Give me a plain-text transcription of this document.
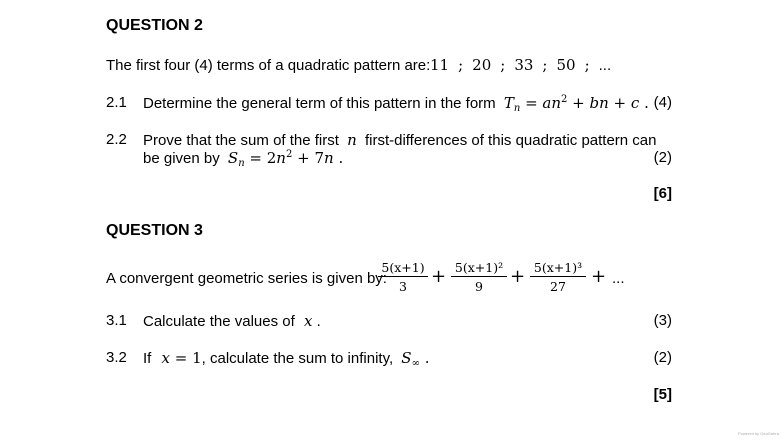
QUESTION 2
The first four (4) terms of a quadratic pattern are: 11 ; 20 ; 33 ; 50 ; ...
2.1 Determine the general term of this pattern in the form $T_n = an^2$ + bn + c . (4)
2.2 Prove that the sum of the first n first-differences of this quadratic pattern can
be given by $S_n = 2n^2 + 7n$ .	(2)
[6]
QUESTION 3
A convergent geometric series is given by:
$\frac{5(x+1)}{3} + \frac{\text{5(x+1)²}}{9} + \frac{\text{5(x+1)³}}{27}$ + ...
3.1 Calculate the values of x .	(3)
3.2 If x = 1, calculate the sum to infinity, $S_\infty$ .	(2)
[5]
Powered by GeoGebra
